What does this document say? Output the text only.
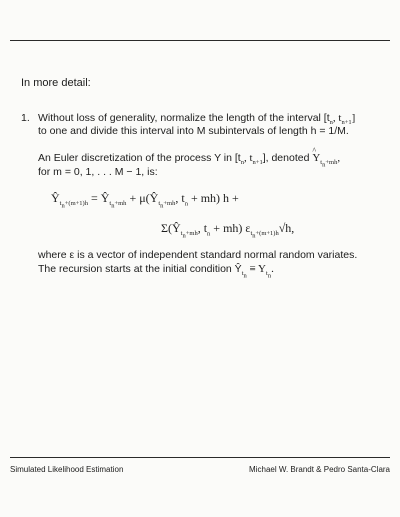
In more detail:
1. Without loss of generality, normalize the length of the interval [$t_n$, $t_{n+1}$]
to one and divide this interval into M subintervals of length h = 1/M.
An Euler discretization of the process Y in [$t_n$, $t_{n+1}$], denoted ^ $Y_{t_n+mh}$,
for m = 0, 1, . . . M − 1, is:
$Ŷ_{t_n+(m+1)h}$ = $Ŷ_{t_n+mh}$ + $\mu(Ŷ_{t_n+mh}$, $t_n + mh$) h +
$\Sigma(Ŷ_{t_n+mh}$, $t_n + mh$) $\varepsilon_{t_n+(m+1)h}√h$,
where ε is a vector of independent standard normal random variates.
The recursion starts at the initial condition $Ŷ_{t_n} \equiv Y_{t_n}$.
Simulated Likelihood Estimation	Michael W. Brandt & Pedro Santa-Clara
